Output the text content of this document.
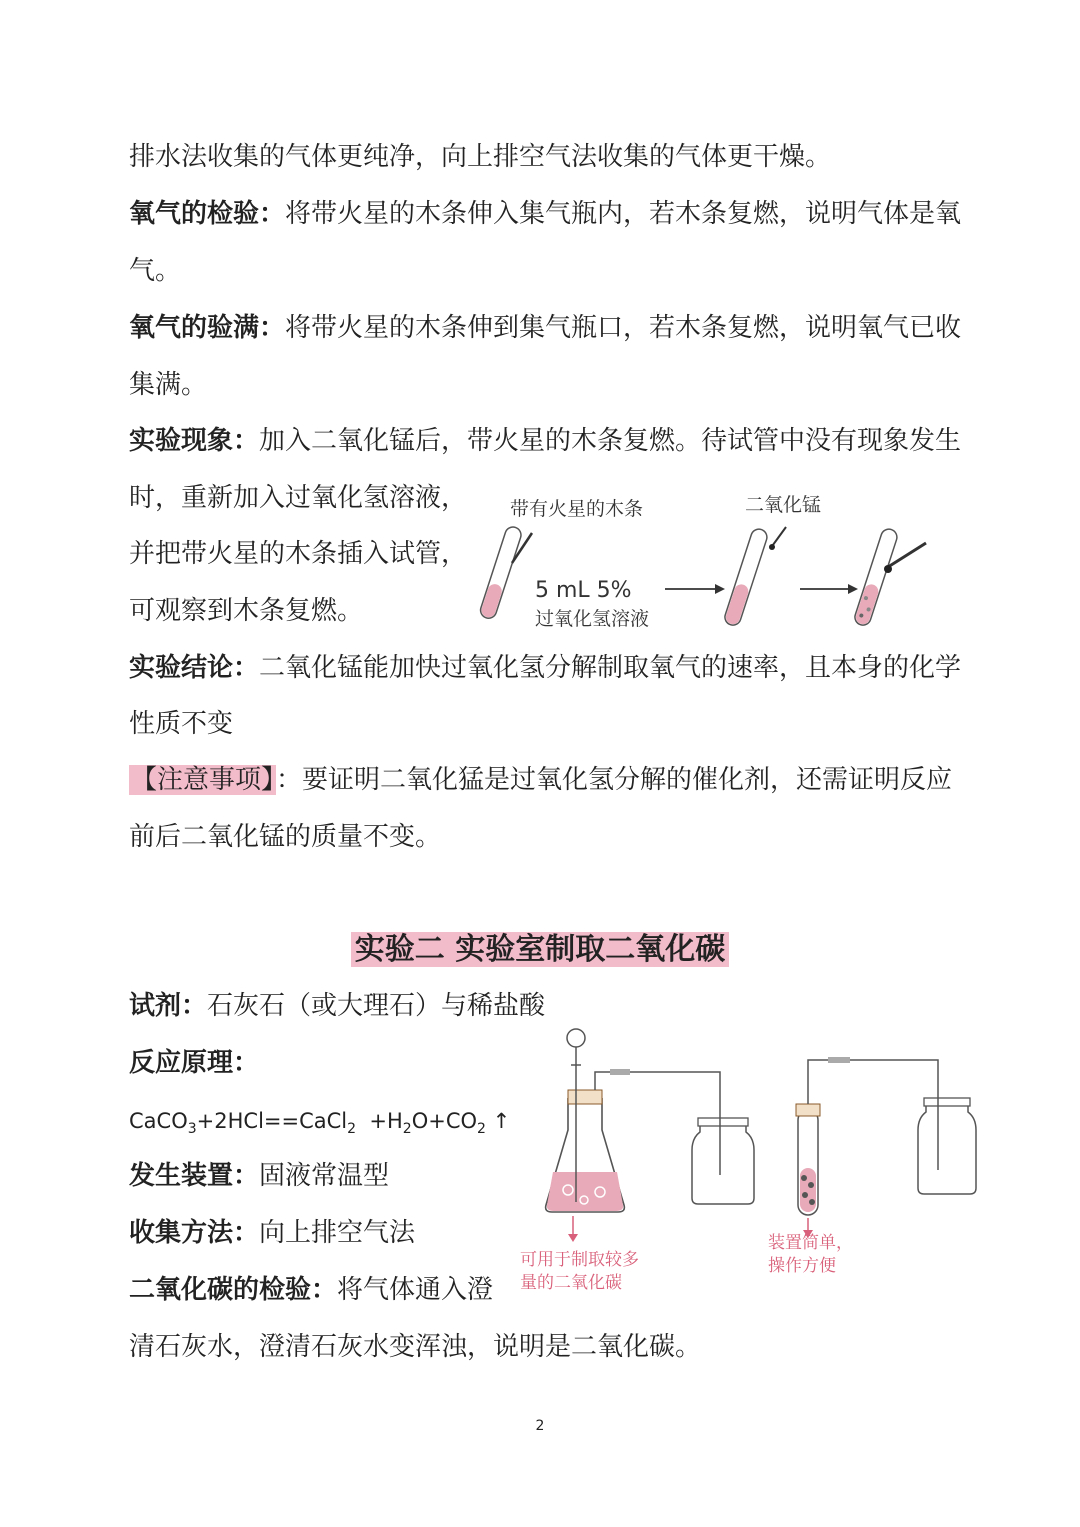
排水法收集的气体更纯净，向上排空气法收集的气体更干燥。
氧气的检验：将带火星的木条伸入集气瓶内，若木条复燃，说明气体是氧
气。
氧气的验满：将带火星的木条伸到集气瓶口，若木条复燃，说明氧气已收
集满。
实验现象：加入二氧化锰后，带火星的木条复燃。待试管中没有现象发生
时，重新加入过氧化氢溶液，
并把带火星的木条插入试管，
可观察到木条复燃。
实验结论：二氧化锰能加快过氧化氢分解制取氧气的速率，且本身的化学
性质不变
【注意事项】：要证明二氧化猛是过氧化氢分解的催化剂，还需证明反应
前后二氧化锰的质量不变。
实验二 实验室制取二氧化碳
试剂：石灰石（或大理石）与稀盐酸
反应原理：
CaCO$_3$+2HCl==CaCl$_2$  $+H_2O+CO_2$ ↑
发生装置：固液常温型
收集方法：向上排空气法
二氧化碳的检验：将气体通入澄
清石灰水，澄清石灰水变浑浊，说明是二氧化碳。
带有火星的木条	二氧化锰
5 mL 5%
过氧化氢溶液
可用于制取较多
量的二氧化碳
装置简单，
操作方便
2
